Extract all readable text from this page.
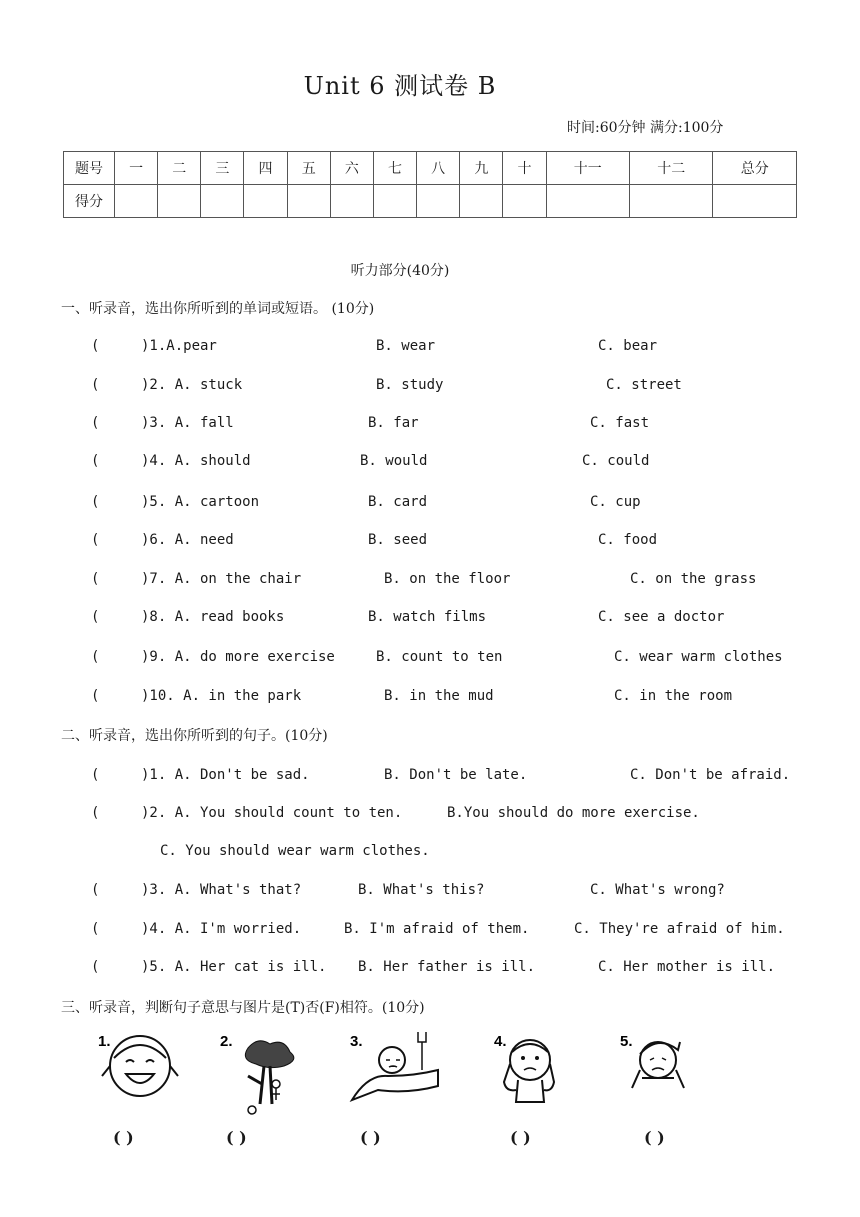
Unit 6 测试卷 B
时间:60分钟 满分:100分
题号	一	二	三	四	五	六	七	八	九	十	十一	十二	总分
得分													
听力部分(40分)
一、听录音，选出你所听到的单词或短语。 (10分)
(	)1.A.pear	B. wear	C. bear
(	)2. A. stuck	B. study	C. street
(	)3. A. fall	B. far	C. fast
(	)4. A. should	B. would	C. could
(	)5. A. cartoon	B. card	C. cup
(	)6. A. need	B. seed	C. food
(	)7. A. on the chair	B. on the floor	C. on the grass
(	)8. A. read books	B. watch films	C. see a doctor
(	)9. A. do more exercise	B. count to ten	C. wear warm clothes
(	)10. A. in the park	B. in the mud	C. in the room
二、听录音，选出你所听到的句子。(10分)
(	)1. A. Don't be sad.	B. Don't be late.	C. Don't be afraid.
(	)2. A. You should count to ten.	B.You should do more exercise.
C. You should wear warm clothes.
(	)3. A. What's that?	B. What's this?	C. What's wrong?
(	)4. A. I'm worried.	B. I'm afraid of them.	C. They're afraid of him.
(	)5. A. Her cat is ill. B. Her father is ill.	C. Her mother is ill.
三、听录音，判断句子意思与图片是(T)否(F)相符。(10分)
1.	2.	3.	4.	5.
( )	( )	( )	( )	( )
